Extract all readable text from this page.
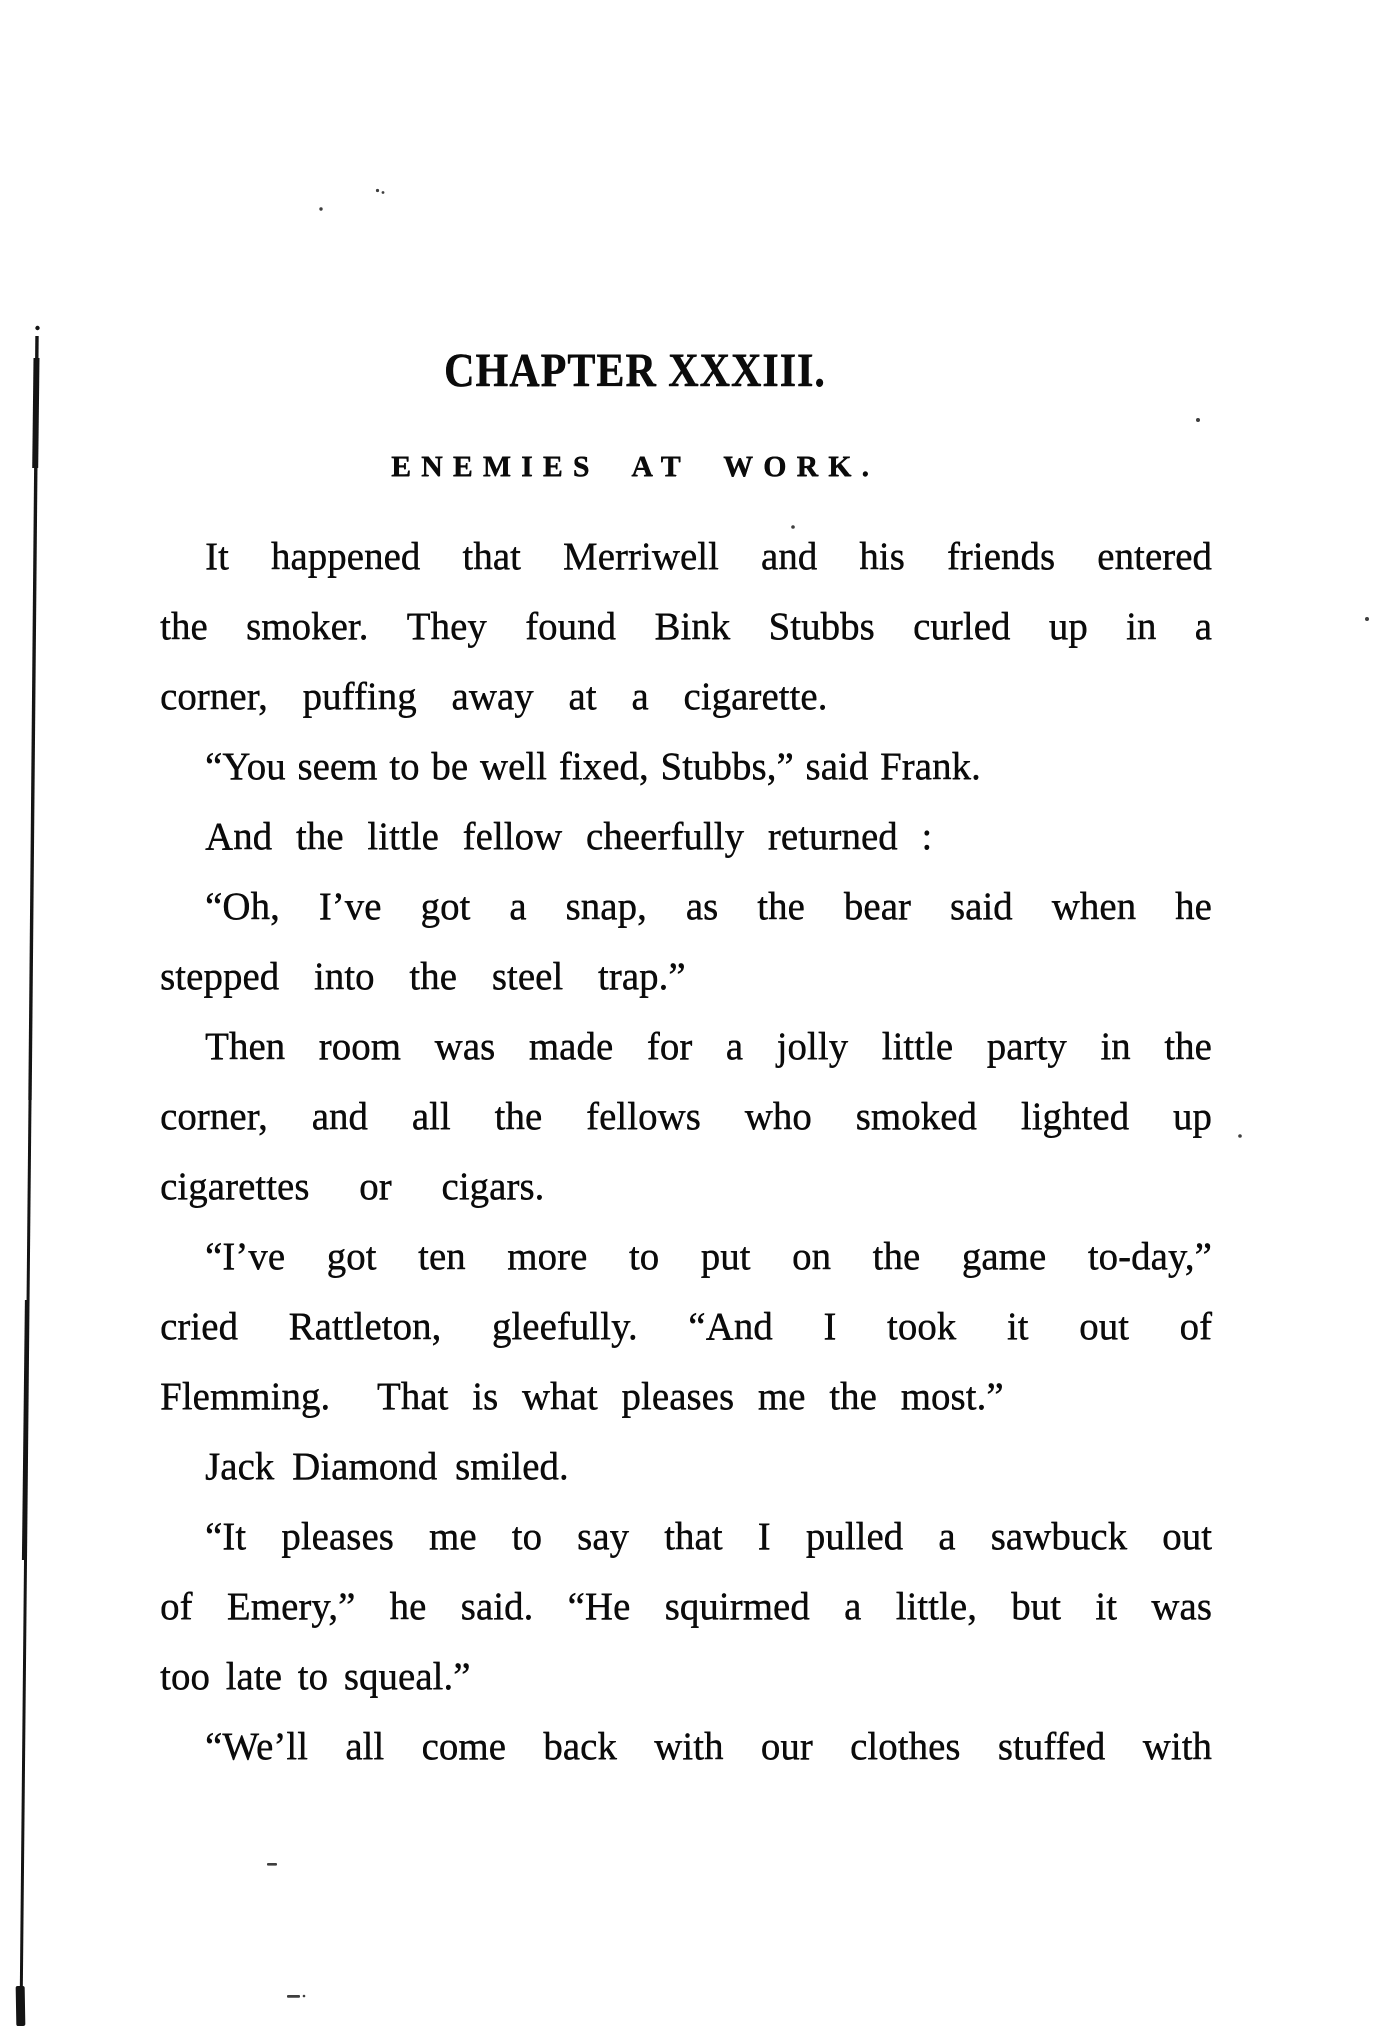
CHAPTER XXXIII.
ENEMIES AT WORK.
It happened that Merriwell and his friends entered
the smoker. They found Bink Stubbs curled up in a
corner, puffing away at a cigarette.
“You seem to be well fixed, Stubbs,” said Frank.
And the little fellow cheerfully returned :
“Oh, I’ve got a snap, as the bear said when he
stepped into the steel trap.”
Then room was made for a jolly little party in the
corner, and all the fellows who smoked lighted up
cigarettes or cigars.
“I’ve got ten more to put on the game to-day,”
cried Rattleton, gleefully. “And I took it out of
Flemming.  That is what pleases me the most.”
Jack Diamond smiled.
“It pleases me to say that I pulled a sawbuck out
of Emery,” he said. “He squirmed a little, but it was
too late to squeal.”
“We’ll all come back with our clothes stuffed with
